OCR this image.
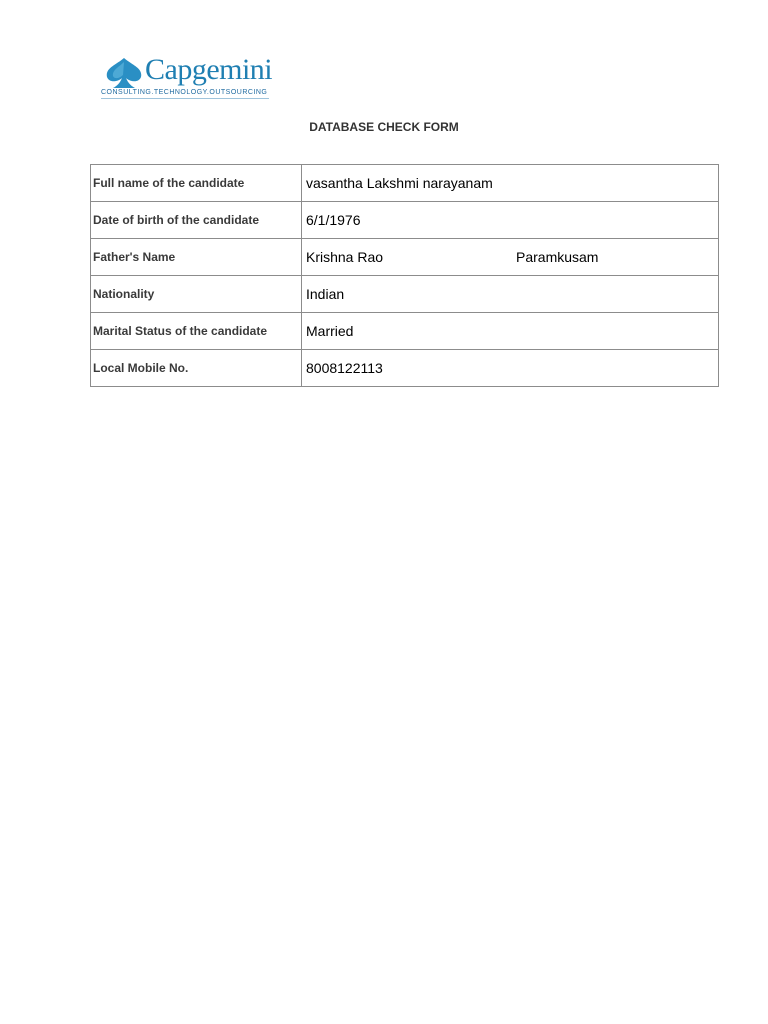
Capgemini
CONSULTING.TECHNOLOGY.OUTSOURCING
DATABASE CHECK FORM
Full name of the candidate	vasantha Lakshmi narayanam
Date of birth of the candidate	6/1/1976
Father's Name	Krishna Rao Paramkusam
Nationality	Indian
Marital Status of the candidate	Married
Local Mobile No.	8008122113
